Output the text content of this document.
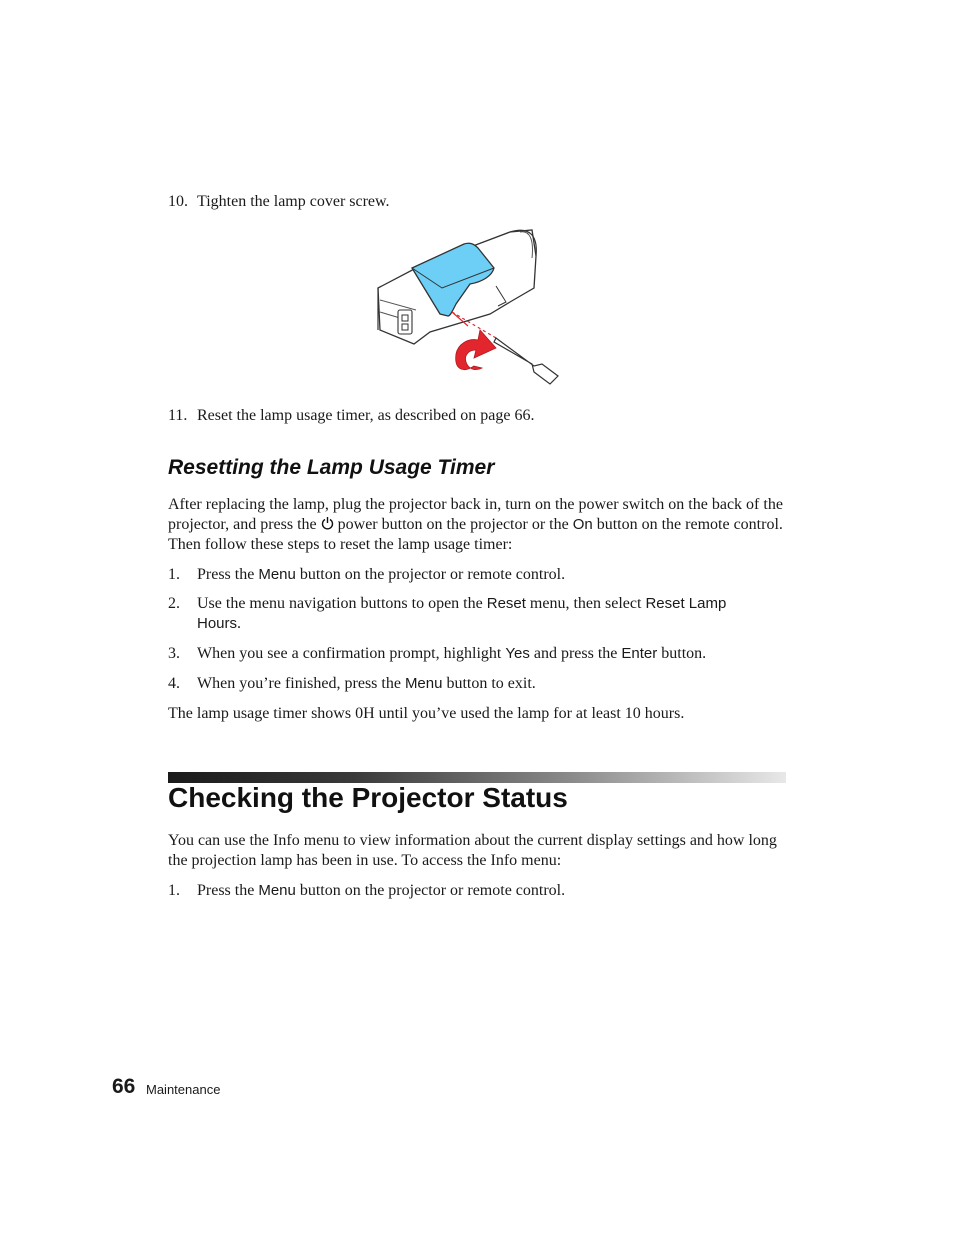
10. Tighten the lamp cover screw.
11. Reset the lamp usage timer, as described on page 66.
Resetting the Lamp Usage Timer
After replacing the lamp, plug the projector back in, turn on the power switch on the back of the projector, and press the  power button on the projector or the On button on the remote control. Then follow these steps to reset the lamp usage timer:
1. Press the Menu button on the projector or remote control.
2. Use the menu navigation buttons to open the Reset menu, then select Reset Lamp
Hours.
3. When you see a confirmation prompt, highlight Yes and press the Enter button.
4. When you’re finished, press the Menu button to exit.
The lamp usage timer shows 0H until you’ve used the lamp for at least 10 hours.
Checking the Projector Status
You can use the Info menu to view information about the current display settings and how long the projection lamp has been in use. To access the Info menu:
1. Press the Menu button on the projector or remote control.
66 Maintenance
